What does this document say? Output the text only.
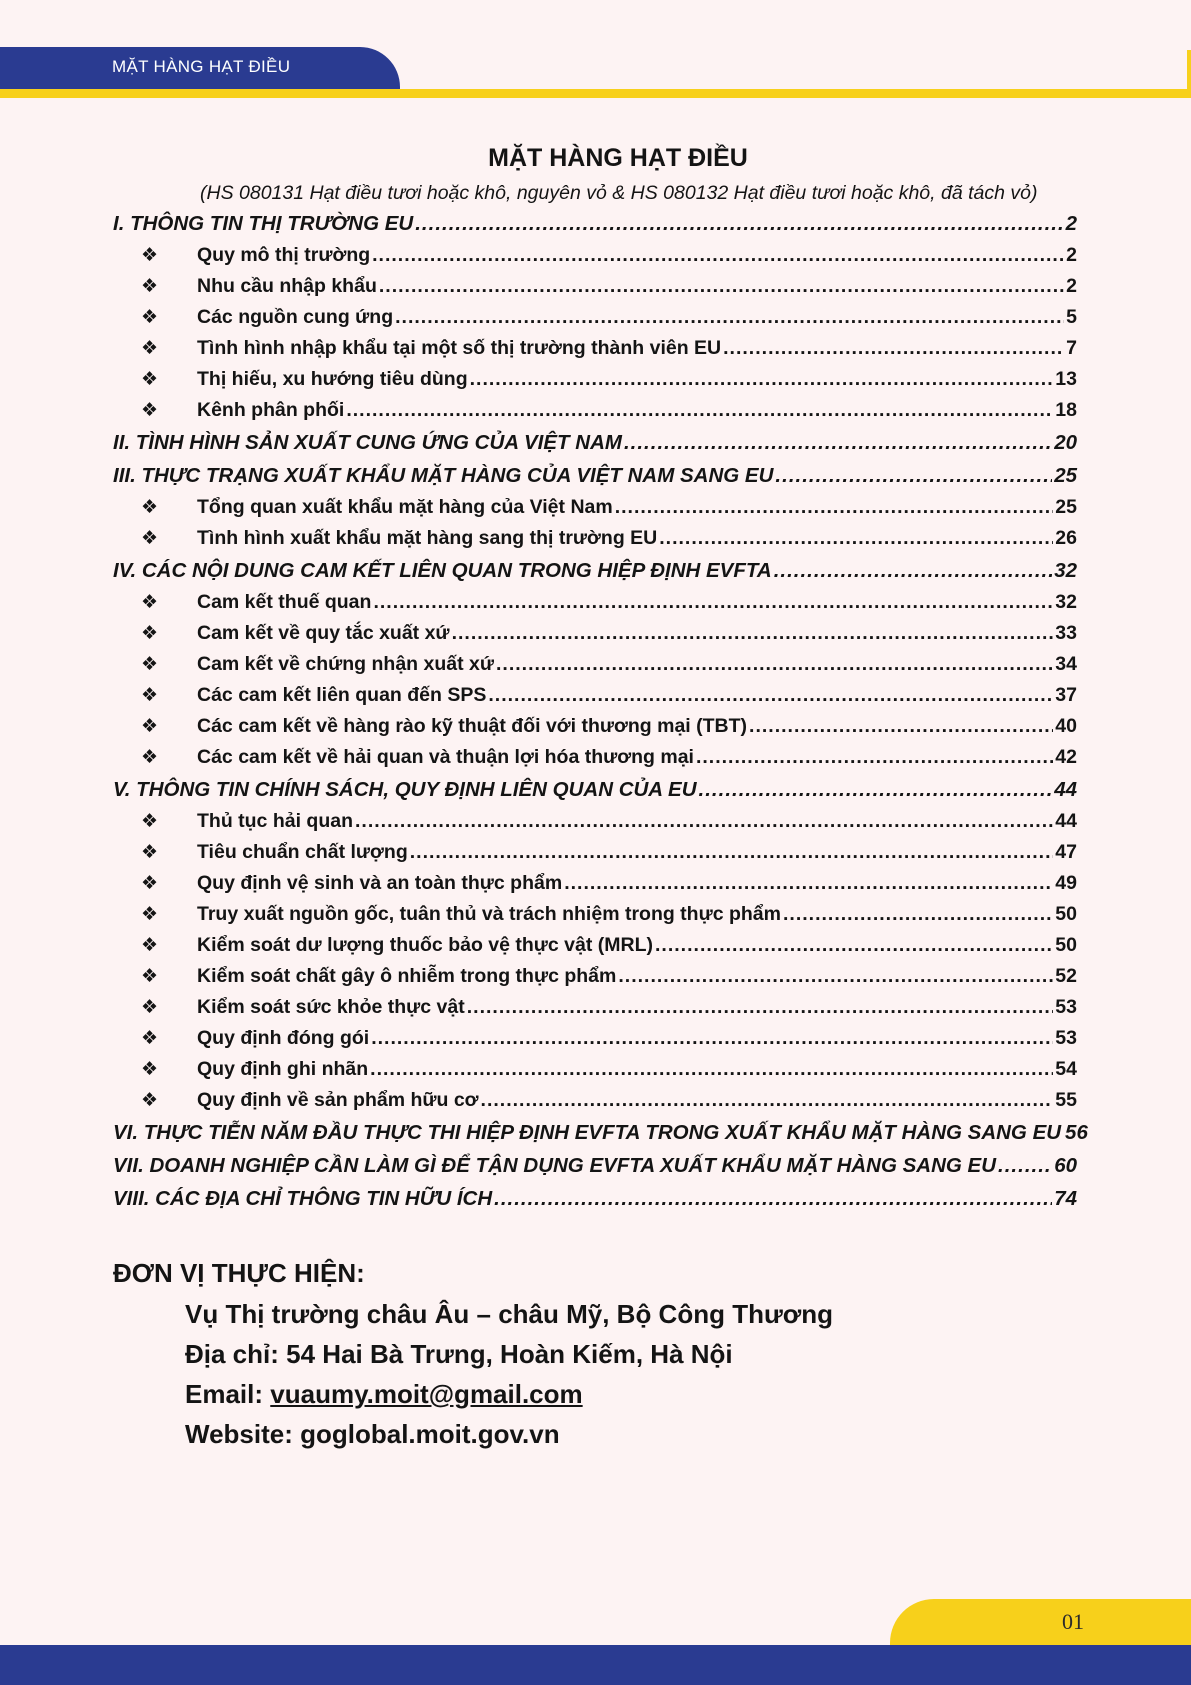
MẶT HÀNG HẠT ĐIỀU
MẶT HÀNG HẠT ĐIỀU
(HS 080131 Hạt điều tươi hoặc khô, nguyên vỏ & HS 080132 Hạt điều tươi hoặc khô, đã tách vỏ)
I. THÔNG TIN THỊ TRƯỜNG EU .....	2
❖	Quy mô thị trường .....	2
❖	Nhu cầu nhập khẩu .....	2
❖	Các nguồn cung ứng .....	5
❖	Tình hình nhập khẩu tại một số thị trường thành viên EU .....	7
❖	Thị hiếu, xu hướng tiêu dùng .....	13
❖	Kênh phân phối .....	18
II. TÌNH HÌNH SẢN XUẤT CUNG ỨNG CỦA VIỆT NAM .....	20
III. THỰC TRẠNG XUẤT KHẨU MẶT HÀNG CỦA VIỆT NAM SANG EU .....	25
❖	Tổng quan xuất khẩu mặt hàng của Việt Nam .....	25
❖	Tình hình xuất khẩu mặt hàng sang thị trường EU .....	26
IV. CÁC NỘI DUNG CAM KẾT LIÊN QUAN TRONG HIỆP ĐỊNH EVFTA .....	32
❖	Cam kết thuế quan .....	32
❖	Cam kết về quy tắc xuất xứ .....	33
❖	Cam kết về chứng nhận xuất xứ .....	34
❖	Các cam kết liên quan đến SPS .....	37
❖	Các cam kết về hàng rào kỹ thuật đối với thương mại (TBT) .....	40
❖	Các cam kết về hải quan và thuận lợi hóa thương mại .....	42
V. THÔNG TIN CHÍNH SÁCH, QUY ĐỊNH LIÊN QUAN CỦA EU .....	44
❖	Thủ tục hải quan .....	44
❖	Tiêu chuẩn chất lượng .....	47
❖	Quy định vệ sinh và an toàn thực phẩm .....	49
❖	Truy xuất nguồn gốc, tuân thủ và trách nhiệm trong thực phẩm .....	50
❖	Kiểm soát dư lượng thuốc bảo vệ thực vật (MRL) .....	50
❖	Kiểm soát chất gây ô nhiễm trong thực phẩm .....	52
❖	Kiểm soát sức khỏe thực vật .....	53
❖	Quy định đóng gói .....	53
❖	Quy định ghi nhãn .....	54
❖	Quy định về sản phẩm hữu cơ .....	55
VI. THỰC TIỄN NĂM ĐẦU THỰC THI HIỆP ĐỊNH EVFTA TRONG XUẤT KHẨU MẶT HÀNG SANG EU 56
VII. DOANH NGHIỆP CẦN LÀM GÌ ĐỂ TẬN DỤNG EVFTA XUẤT KHẨU MẶT HÀNG SANG EU .....	60
VIII. CÁC ĐỊA CHỈ THÔNG TIN HỮU ÍCH .....	74
ĐƠN VỊ THỰC HIỆN:
Vụ Thị trường châu Âu – châu Mỹ, Bộ Công Thương
Địa chỉ: 54 Hai Bà Trưng, Hoàn Kiếm, Hà Nội
Email: vuaumy.moit@gmail.com
Website: goglobal.moit.gov.vn
01
